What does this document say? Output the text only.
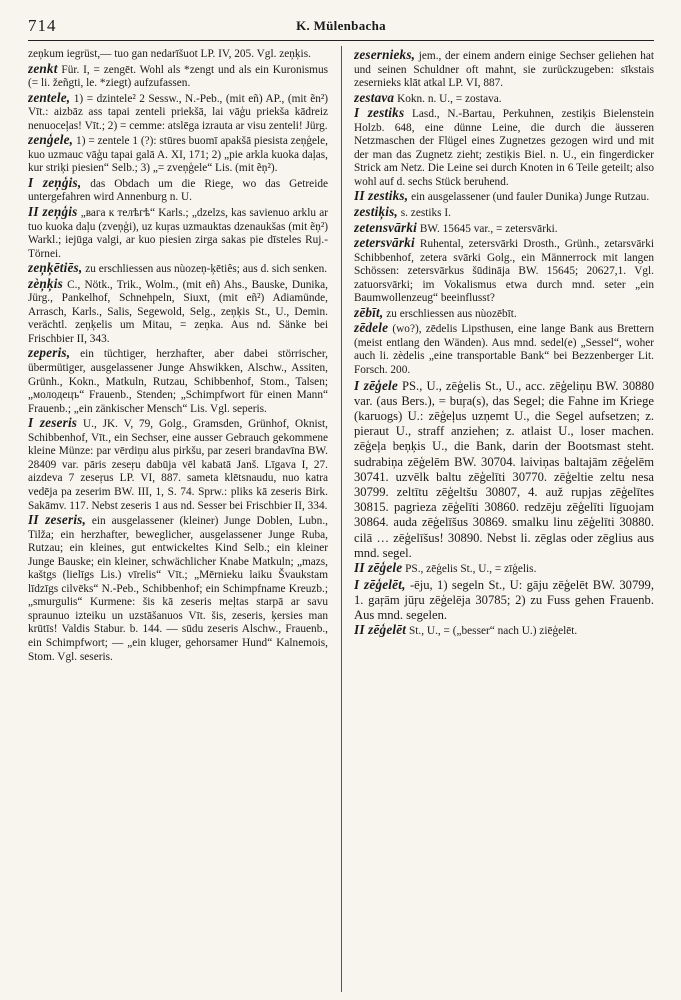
714	K. Mülenbacha

zeņkum iegrüst,— tuo gan nedarīšuot LP. IV, 205. Vgl. zeņķis.

zenkt Für. I, = zengēt. Wohl als *zengt und als ein Kuronismus (= li. žeñgti, le. *ziegt) aufzufassen.

zentele, 1) = dzintele² 2 Sessw., N.-Peb., (mit eñ) AP., (mit ẽn²) Vīt.: aizbāz ass tapai zenteli priekšā, lai vāģu priekša kādreiz nenuoceļas! Vīt.; 2) = cemme: atslēga izrauta ar visu zenteli! Jürg.

zenģele, 1) = zentele 1 (?): stūres buomī apakšā piesista zeņģele, kuo uzmauc vāģu tapai galā A. XI, 171; 2) „pie arkla kuoka daļas, kur striķi piesien“ Selb.; 3) „= zveņģele“ Lis. (mit ẽņ²).

I zeņģis, das Obdach um die Riege, wo das Getreide untergefahren wird Annenburg n. U.

II zeņģis „вага к телѣгѣ“ Karls.; „dzelzs, kas savienuo arklu ar tuo kuoka daļu (zveņģi), uz kuŗas uzmauktas dzenaukšas (mit ẽņ²) Warkl.; iejūga valgi, ar kuo piesien zirga sakas pie dīsteles Ruj.-Törnei.

zeņķētiēs, zu erschliessen aus nùozeņ-ķētiês; aus d. sich senken.

zèņķis C., Nötk., Trik., Wolm., (mit eñ) Ahs., Bauske, Dunika, Jürg., Pankelhof, Schnehpeln, Siuxt, (mit eñ²) Adiamünde, Arrasch, Karls., Salis, Segewold, Selg., zeņķis St., U., Demin. verächtl. zeņķelis um Mitau, = zeņka. Aus nd. Sänke bei Frischbier II, 343.

zeperis, ein tüchtiger, herzhafter, aber dabei störrischer, übermütiger, ausgelassener Junge Ahswikken, Alschw., Assiten, Grünh., Kokn., Matkuln, Rutzau, Schibbenhof, Stom., Talsen; „молодецъ“ Frauenb., Stenden; „Schimpfwort für einen Mann“ Frauenb.; „ein zänkischer Mensch“ Lis. Vgl. seperis.

I zeseris U., JK. V, 79, Golg., Gramsden, Grünhof, Oknist, Schibbenhof, Vīt., ein Sechser, eine ausser Gebrauch gekommene kleine Münze: par vērdiņu alus pirkšu, par zeseri brandavīna BW. 28409 var. pāris zeseŗu dabūja vēl kabatā Janš. Līgava I, 27. aizdeva 7 zeseŗus LP. VI, 887. sameta klētsnaudu, nuo katra vedēja pa zeserim BW. III, 1, S. 74. Sprw.: pliks kā zeseris Birk. Sakāmv. 117. Nebst zeseris 1 aus nd. Sesser bei Frischbier II, 334.

II zeseris, ein ausgelassener (kleiner) Junge Doblen, Lubn., Tilža; ein herzhafter, beweglicher, ausgelassener Junge Ruba, Rutzau; ein kleines, gut entwickeltes Kind Selb.; ein kleiner Junge Bauske; ein kleiner, schwächlicher Knabe Matkuln; „mazs, kaštgs (lielīgs Lis.) vīrelis“ Vīt.; „Mērnieku laiku Švaukstam līdzīgs cilvēks“ N.-Peb., Schibbenhof; ein Schimpfname Kreuzb.; „smurgulis“ Kurmene: šis kā zeseris meļtas starpā ar savu spraunuo izteiku un uzstāšanuos Vīt. šis, zeseris, ķersies man krūtīs! Valdis Stabur. b. 144. — sūdu zeseris Alschw., Frauenb., ein Schimpfwort; — „ein kluger, gehorsamer Hund“ Kalnemois, Stom. Vgl. seseris.

zesernieks, jem., der einem andern einige Sechser geliehen hat und seinen Schuldner oft mahnt, sie zurückzugeben: sīkstais zesernieks klāt atkal LP. VI, 887.

zestava Kokn. n. U., = zostava.

I zestiks Lasd., N.-Bartau, Perkuhnen, zestiķis Bielenstein Holzb. 648, eine dünne Leine, die durch die äusseren Netzmaschen der Flügel eines Zugnetzes gezogen wird und mit der man das Zugnetz zieht; zestiķis Biel. n. U., ein fingerdicker Strick am Netz. Die Leine sei durch Knoten in 6 Teile geteilt; also wohl auf d. sechs Stück beruhend.

II zestiks, ein ausgelassener (und fauler Dunika) Junge Rutzau.

zestiķis, s. zestiks I.

zetensvārki BW. 15645 var., = zetersvārki.

zetersvārki Ruhental, zetersvārki Drosth., Grünh., zetarsvārki Schibbenhof, zetera svārki Golg., ein Männerrock mit langen Schössen: zetersvārkus šūdināja BW. 15645; 20627,1. Vgl. zatuorsvārki; im Vokalismus etwa durch mnd. seter „ein Baumwollenzeug“ beeinflusst?

zēbīt, zu erschliessen aus nùozēbīt.

zēdele (wo?), zēdelis Lipsthusen, eine lange Bank aus Brettern (meist entlang den Wänden). Aus mnd. sedel(e) „Sessel“, woher auch li. zèdelis „eine transportable Bank“ bei Bezzenberger Lit. Forsch. 200.

I zēģele PS., U., zēģelis St., U., acc. zēģeliņu BW. 30880 var. (aus Bers.), = buŗa(s), das Segel; die Fahne im Kriege (karuogs) U.: zēģeļus uzņemt U., die Segel aufsetzen; z. pieraut U., straff anziehen; z. atlaist U., loser machen. zēģeļa beņķis U., die Bank, darin der Bootsmast steht. sudrabiņa zēģelēm BW. 30704. laiviņas baltajām zēģelēm 30741. uzvēlk baltu zēģelīti 30770. zēģeltie zeltu nesa 30799. zeltītu zēģeltšu 30807, 4. auž rupjas zēģelītes 30815. pagrieza zēģelīti 30860. redzēju zēģelīti līguojam 30864. auda zēģelīšus 30869. smalku linu zēģelīti 30880. cilā … zēģelīšus! 30890. Nebst li. zēglas oder zēglius aus mnd. segel.

II zēģele PS., zēģelis St., U., = zīģelis.

I zēģelēt, -ēju, 1) segeln St., U: gāju zēģelēt BW. 30799, 1. gaŗām jūŗu zēģelēja 30785; 2) zu Fuss gehen Frauenb. Aus mnd. segelen.

II zēģelēt St., U., = („besser“ nach U.) ziēģelēt.
